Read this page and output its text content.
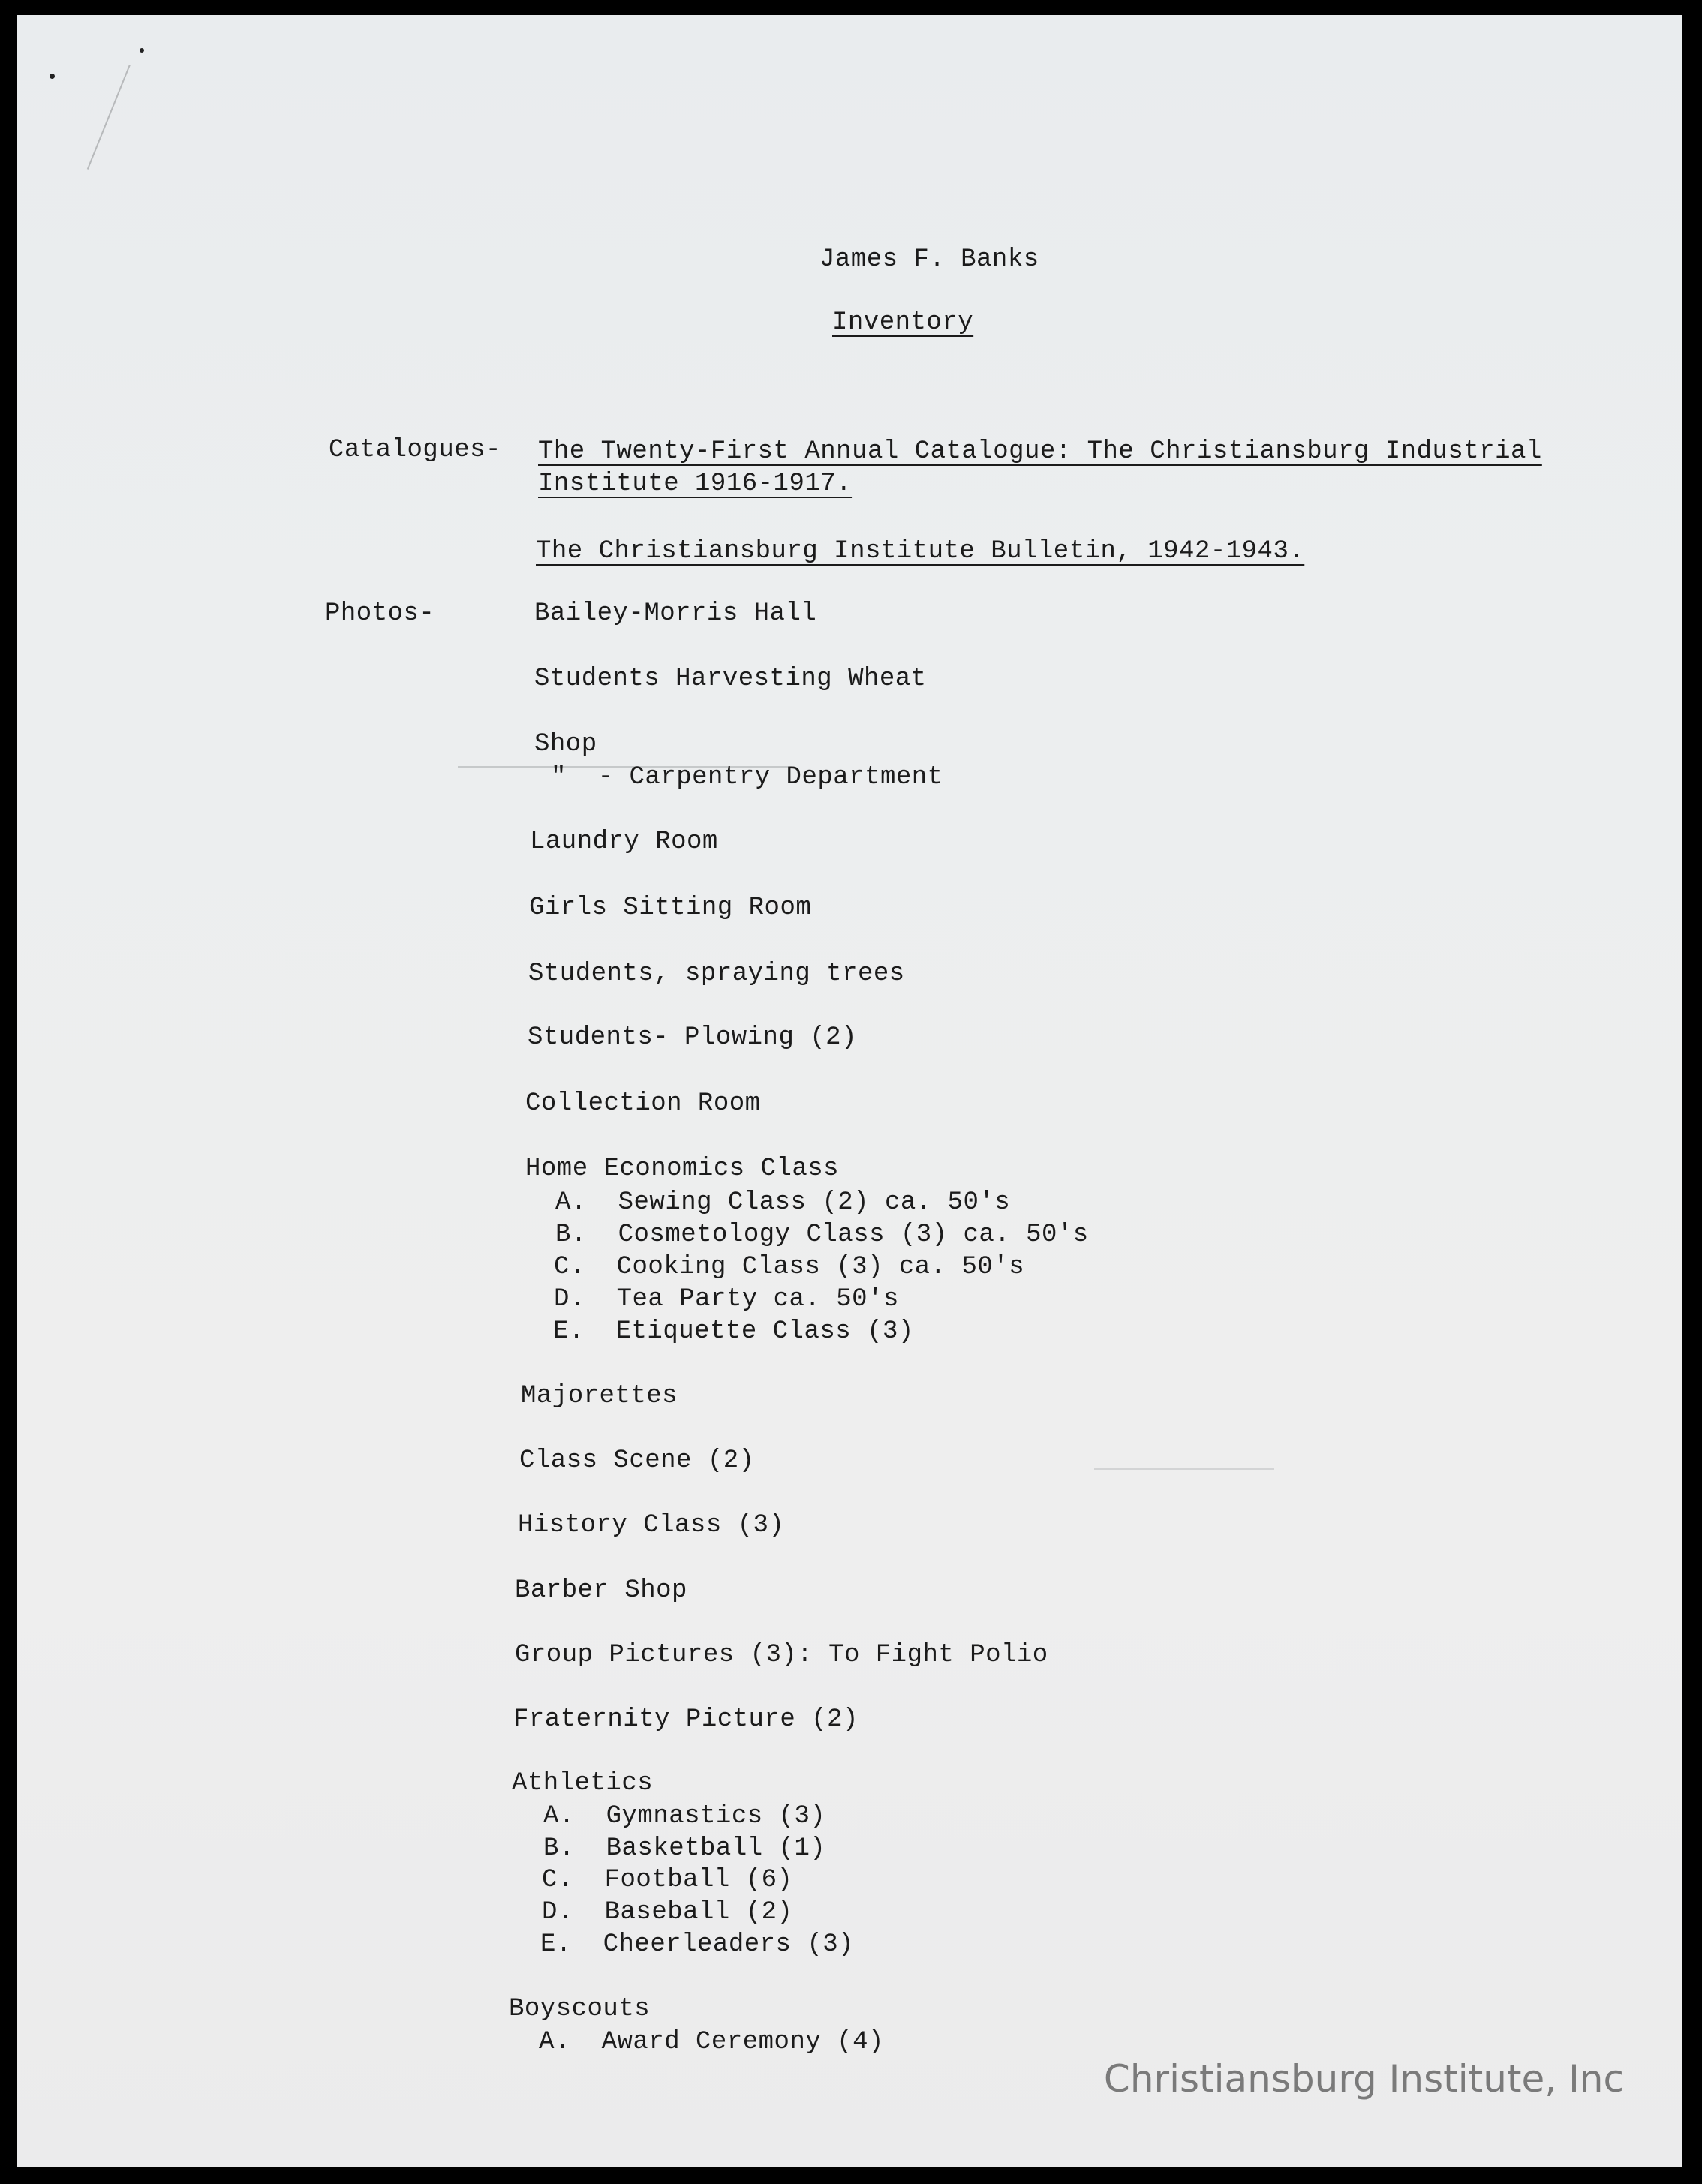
James F. Banks
Inventory
Catalogues- The Twenty-First Annual Catalogue: The Christiansburg Industrial
Institute 1916-1917.
The Christiansburg Institute Bulletin, 1942-1943.
Photos-	Bailey-Morris Hall
Students Harvesting Wheat
Shop
"  - Carpentry Department
Laundry Room
Girls Sitting Room
Students, spraying trees
Students- Plowing (2)
Collection Room
Home Economics Class
A.  Sewing Class (2) ca. 50's
B.  Cosmetology Class (3) ca. 50's
C.  Cooking Class (3) ca. 50's
D.  Tea Party ca. 50's
E.  Etiquette Class (3)
Majorettes
Class Scene (2)
History Class (3)
Barber Shop
Group Pictures (3): To Fight Polio
Fraternity Picture (2)
Athletics
A.  Gymnastics (3)
B.  Basketball (1)
C.  Football (6)
D.  Baseball (2)
E.  Cheerleaders (3)
Boyscouts
A.  Award Ceremony (4)
Christiansburg Institute, Inc
